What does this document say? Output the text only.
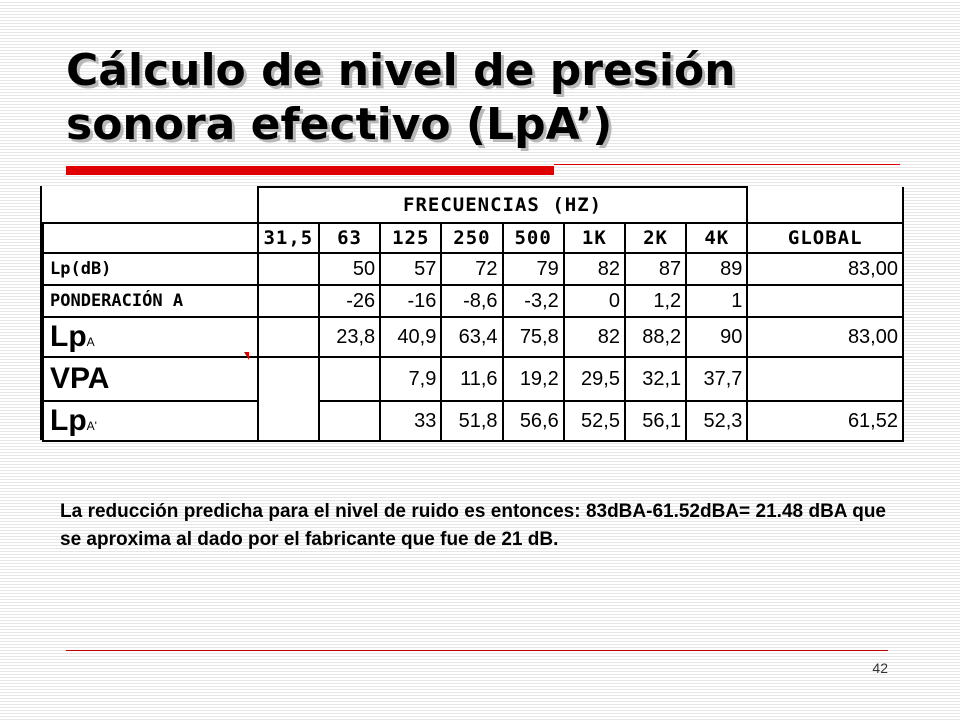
Cálculo de nivel de presión
sonora efectivo (LpA’)
	FRECUENCIAS (HZ)								
	31,5	63	125	250	500	1K	2K	4K	GLOBAL
Lp(dB)		50	57	72	79	82	87	89	83,00
PONDERACIÓN A		-26	-16	-8,6	-3,2	0	1,2	1	
LpA		23,8	40,9	63,4	75,8	82	88,2	90	83,00
VPA			7,9	11,6	19,2	29,5	32,1	37,7	
LpA'			33	51,8	56,6	52,5	56,1	52,3	61,52

La reducción predicha para el nivel de ruido es entonces: 83dBA-61.52dBA= 21.48 dBA que se aproxima al dado por el fabricante que fue de 21 dB.

42
